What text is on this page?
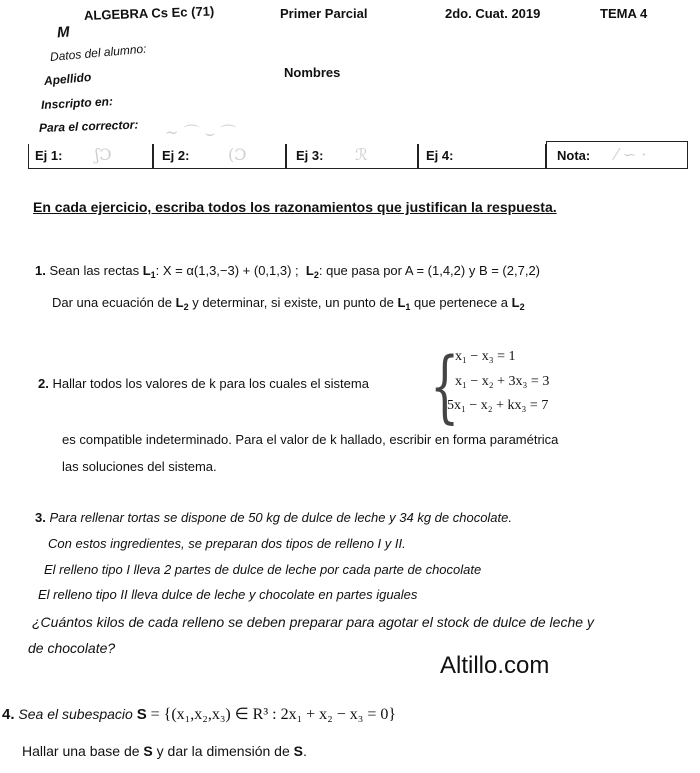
M
ALGEBRA Cs Ec (71)	Primer Parcial	2do. Cuat. 2019	TEMA 4
Datos del alumno:
Apellido	Nombres
Inscripto en:
Para el corrector: ~ ⌒ ⌣ ⌒
Ej 1: ʃƆ	Ej 2: (Ɔ	Ej 3: ℛ	Ej 4:	Nota: ⁄ ∽ ·
En cada ejercicio, escriba todos los razonamientos que justifican la respuesta.
1. Sean las rectas $L_1$: X = α(1,3,−3) + (0,1,3) ; $L_2$: que pasa por A = (1,4,2) y B = (2,7,2)
Dar una ecuación de $L_2$ y determinar, si existe, un punto de $L_1$ que pertenece a $L_2$
2. Hallar todos los valores de k para los cuales el sistema {
x₁ − x₃ = 1
x₁ − x₂ + 3x₃ = 3
5x₁ − x₂ + kx₃ = 7
es compatible indeterminado. Para el valor de k hallado, escribir en forma paramétrica
las soluciones del sistema.
3. Para rellenar tortas se dispone de 50 kg de dulce de leche y 34 kg de chocolate.
Con estos ingredientes, se preparan dos tipos de relleno I y II.
El relleno tipo I lleva 2 partes de dulce de leche por cada parte de chocolate
El relleno tipo II lleva dulce de leche y chocolate en partes iguales
¿Cuántos kilos de cada relleno se deben preparar para agotar el stock de dulce de leche y
de chocolate?
Altillo.com
4. Sea el subespacio S = {(x₁,x₂,x₃) ∈ R³ : 2x₁ + x₂ − x₃ = 0}
Hallar una base de S y dar la dimensión de S.
